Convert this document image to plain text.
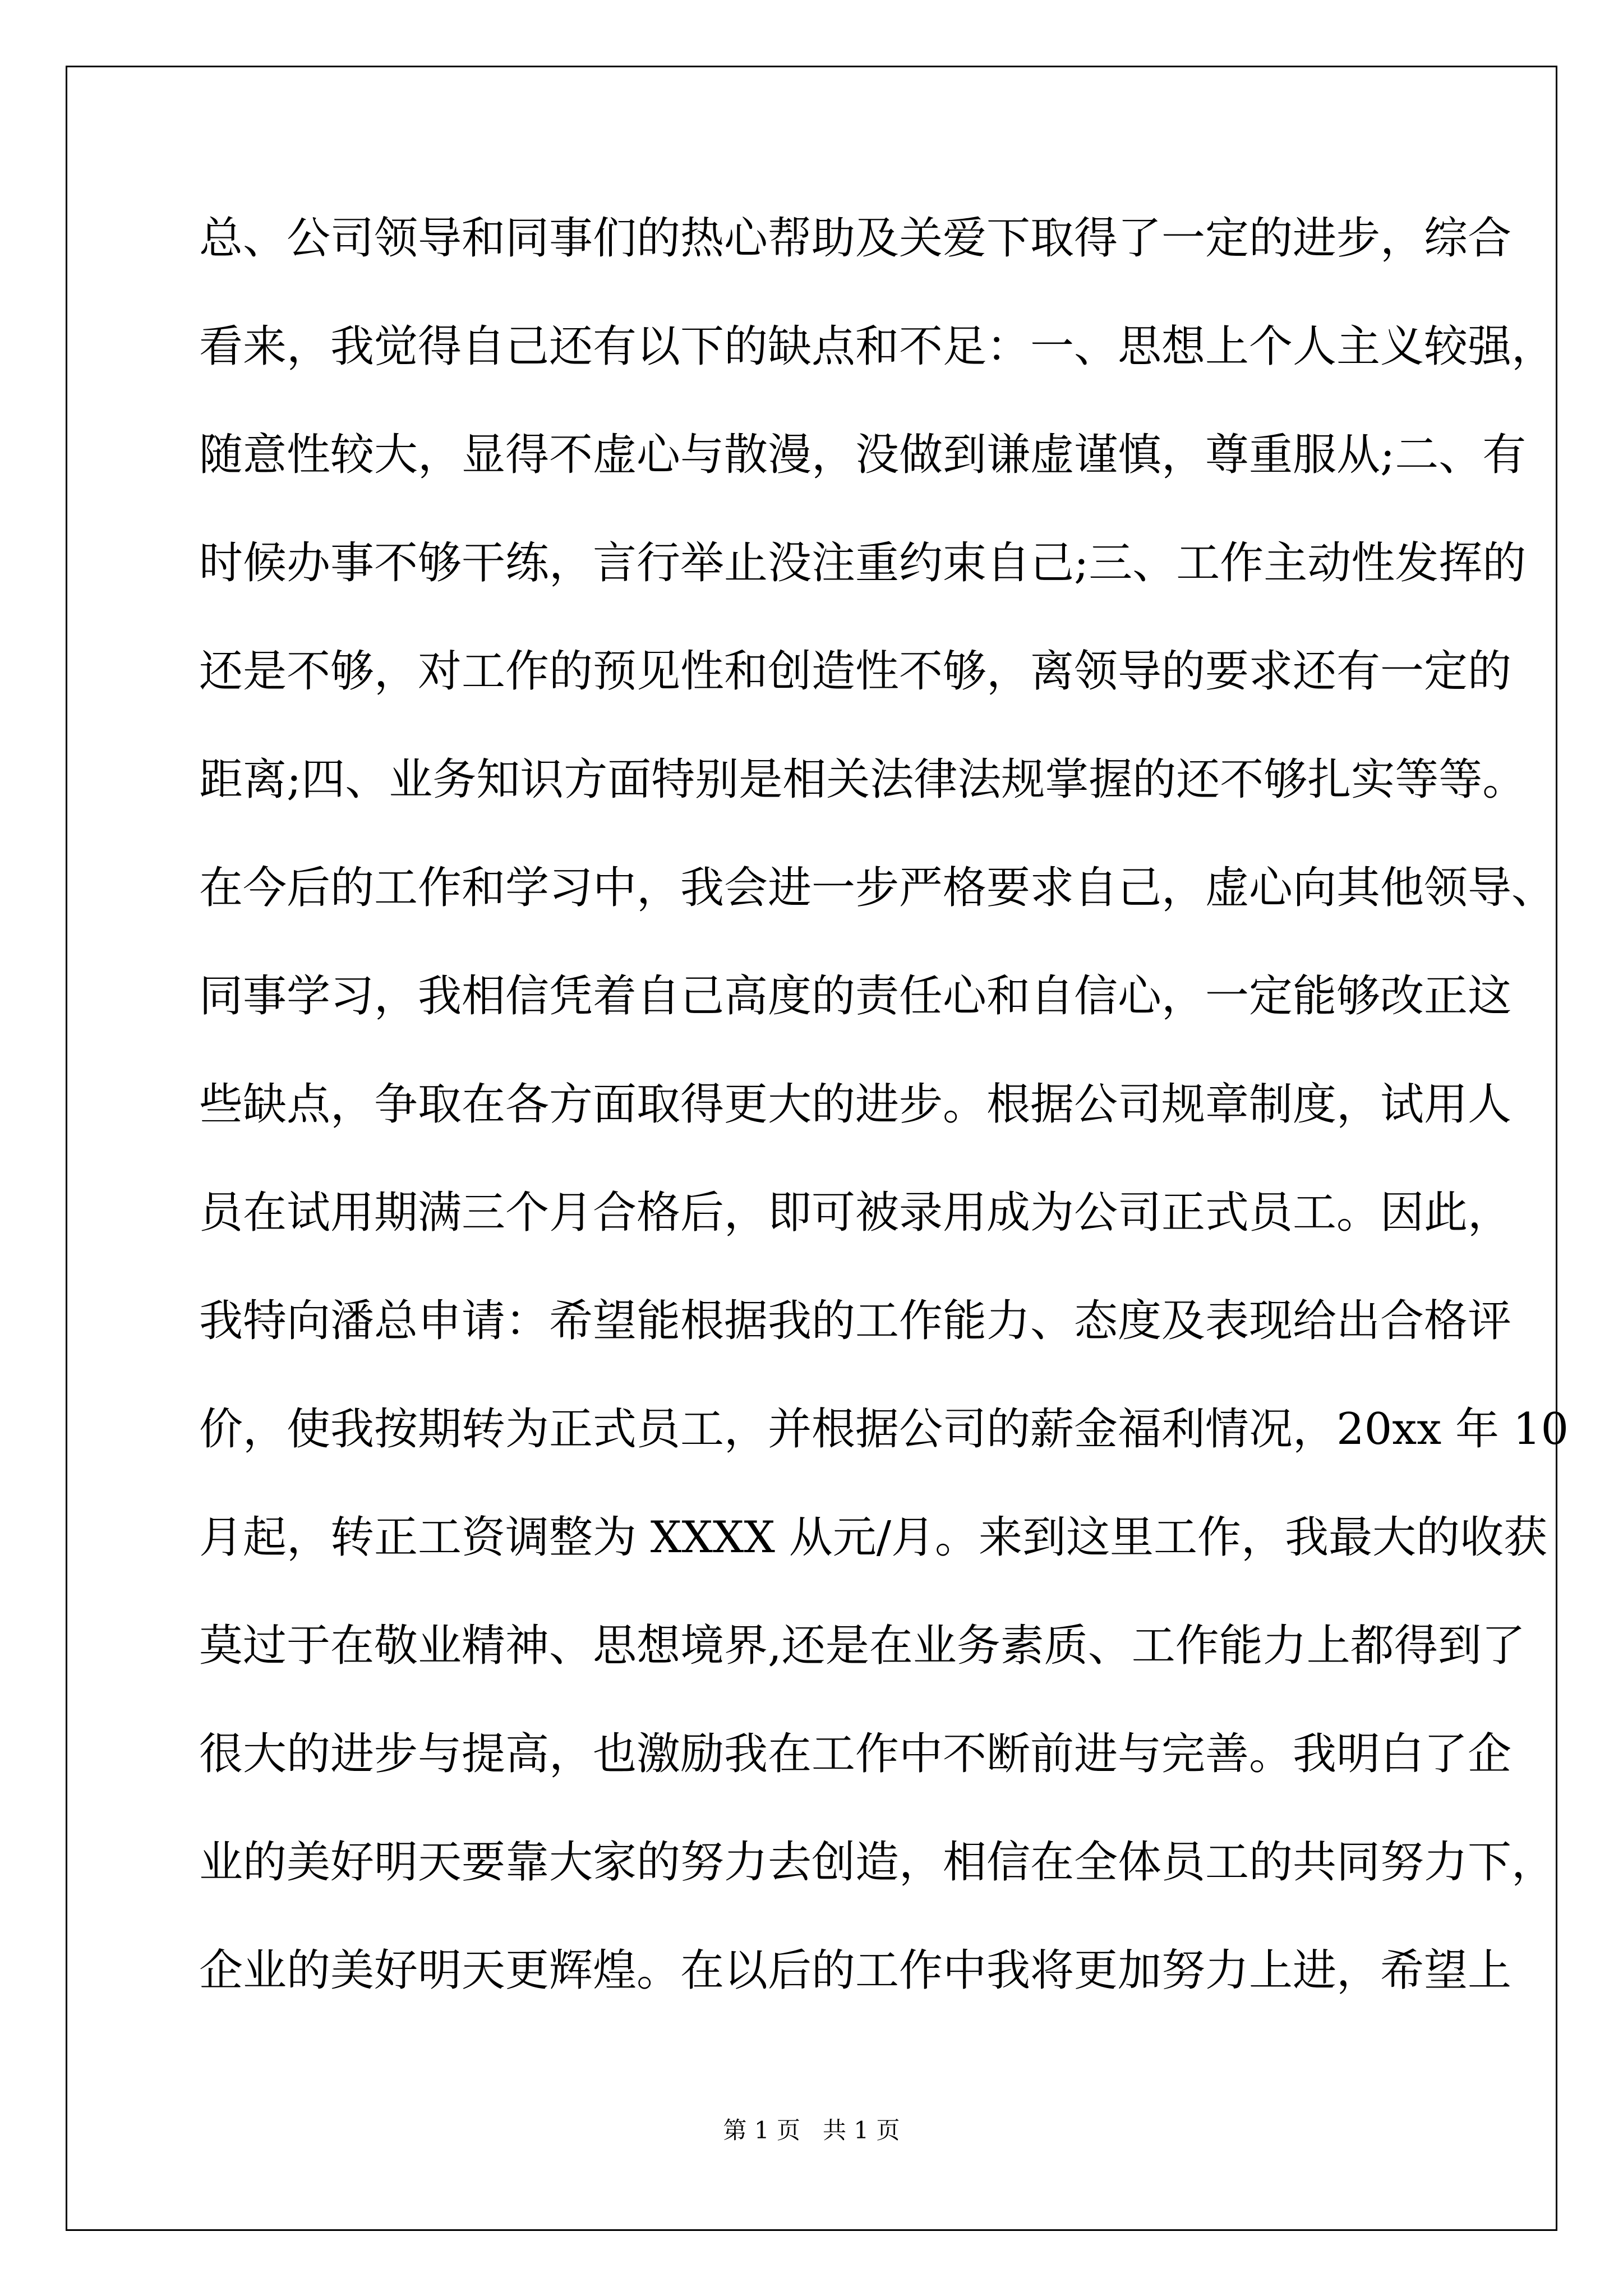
总、公司领导和同事们的热心帮助及关爱下取得了一定的进步，综合
看来，我觉得自己还有以下的缺点和不足：一、思想上个人主义较强，
随意性较大，显得不虚心与散漫，没做到谦虚谨慎，尊重服从;二、有
时候办事不够干练，言行举止没注重约束自己;三、工作主动性发挥的
还是不够，对工作的预见性和创造性不够，离领导的要求还有一定的
距离;四、业务知识方面特别是相关法律法规掌握的还不够扎实等等。
在今后的工作和学习中，我会进一步严格要求自己，虚心向其他领导、
同事学习，我相信凭着自己高度的责任心和自信心，一定能够改正这
些缺点，争取在各方面取得更大的进步。根据公司规章制度，试用人
员在试用期满三个月合格后，即可被录用成为公司正式员工。因此，
我特向潘总申请：希望能根据我的工作能力、态度及表现给出合格评
价，使我按期转为正式员工，并根据公司的薪金福利情况，20xx 年 10
月起，转正工资调整为 XXXX 从元/月。来到这里工作，我最大的收获
莫过于在敬业精神、思想境界,还是在业务素质、工作能力上都得到了
很大的进步与提高，也激励我在工作中不断前进与完善。我明白了企
业的美好明天要靠大家的努力去创造，相信在全体员工的共同努力下，
企业的美好明天更辉煌。在以后的工作中我将更加努力上进，希望上
第 1 页 共 1 页
